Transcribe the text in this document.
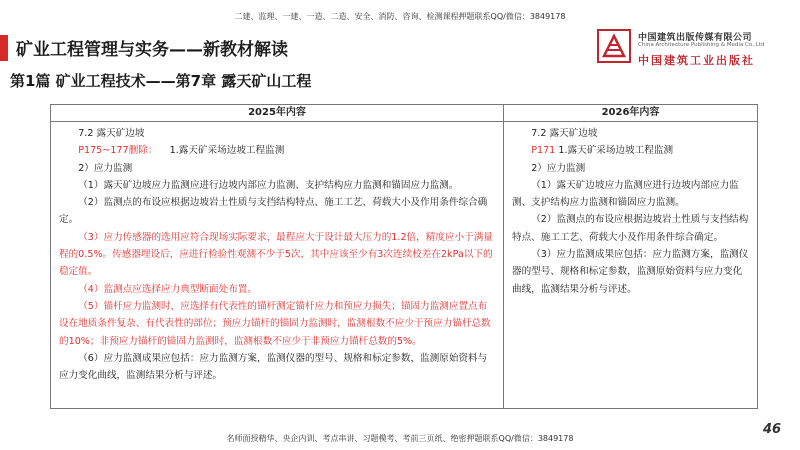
二建、监理、一建、一造、二造、安全、消防、咨询、检测课程押题联系QQ/微信：3849178
矿业工程管理与实务——新教材解读
中国建筑出版传媒有限公司
China Architecture Publishing & Media Co.,Ltd
中国建筑工业出版社
第1篇 矿业工程技术——第7章 露天矿山工程
2025年内容

7.2 露天矿边坡

P175~177删除： 1.露天矿采场边坡工程监测

2）应力监测

（1）露天矿边坡应力监测应进行边坡内部应力监测、支护结构应力监测和锚固应力监测。

（2）监测点的布设应根据边坡岩土性质与支挡结构特点、施工工艺、荷载大小及作用条件综合确定。

（3）应力传感器的选用应符合现场实际要求，最程应大于设计最大压力的1.2倍，精度应小于满量程的0.5%。传感器埋设后，应进行检验性观测不少于5次，其中应该至少有3次连续校差在2kPa以下的稳定值。

（4）监测点应选择应力典型断面处布置。

（5）锚杆应力监测时，应选择有代表性的锚杆测定锚杆应力和预应力损失；锚固力监测应置点布设在地质条件复杂、有代表性的部位；预应力锚杆的锚固力监测时，监测根数不应少于预应力锚杆总数的10%；非预应力锚杆的锚固力监测时，监测根数不应少于非预应力锚杆总数的5%。

（6）应力监测成果应包括：应力监测方案，监测仪器的型号、规格和标定参数，监测原始资料与应力变化曲线，监测结果分析与评述。

2026年内容

7.2 露天矿边坡

P171 1.露天矿采场边坡工程监测

2）应力监测

（1）露天矿边坡应力监测应进行边坡内部应力监测、支护结构应力监测和锚固应力监测。

（2）监测点的布设应根据边坡岩土性质与支挡结构特点、施工工艺、荷载大小及作用条件综合确定。

（3）应力监测成果应包括：应力监测方案，监测仪器的型号、规格和标定参数，监测原始资料与应力变化曲线，监测结果分析与评述。

46
名师面授精华、央企内训、考点串讲、习题模考、考前三页纸、绝密押题联系QQ/微信：3849178
